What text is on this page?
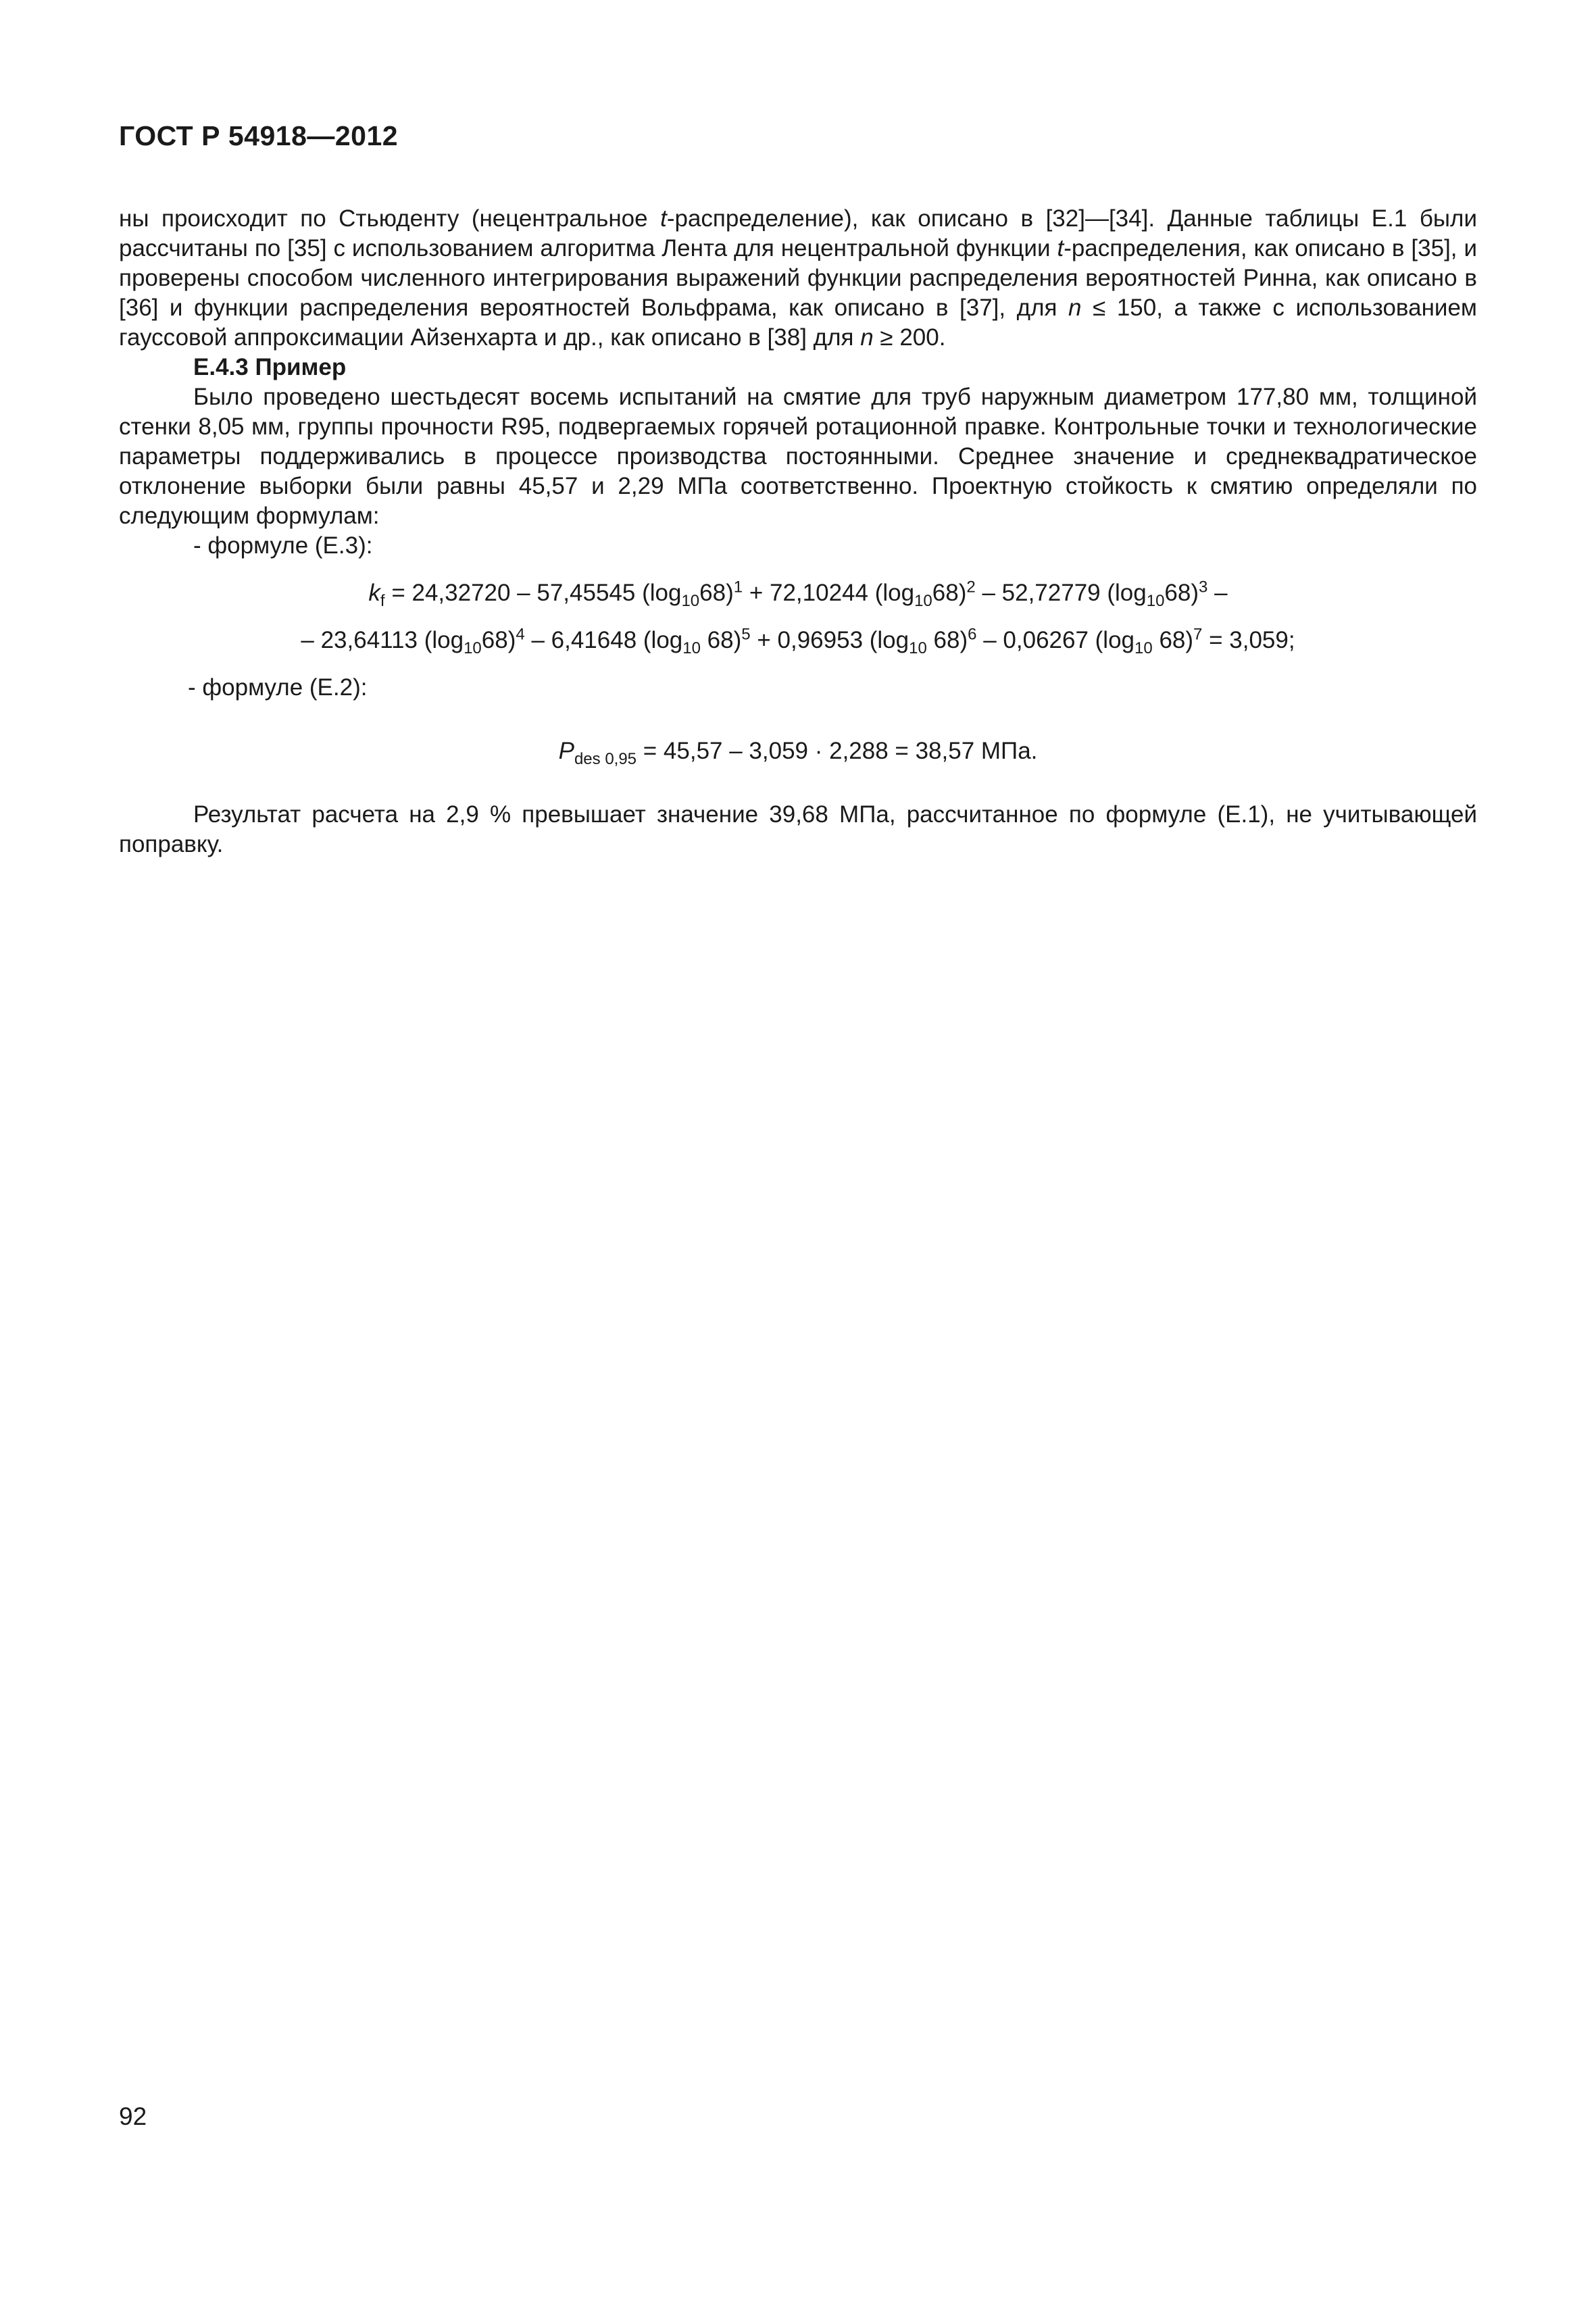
ГОСТ Р 54918—2012

ны происходит по Стьюденту (нецентральное t-распределение), как описано в [32]—[34]. Данные таблицы Е.1 были рассчитаны по [35] с использованием алгоритма Лента для нецентральной функции t-распределения, как описано в [35], и проверены способом численного интегрирования выражений функции распределения вероятностей Ринна, как описано в [36] и функции распределения вероятностей Вольфрама, как описано в [37], для n ≤ 150, а также с использованием гауссовой аппроксимации Айзенхарта и др., как описано в [38] для n ≥ 200.

Е.4.3 Пример

Было проведено шестьдесят восемь испытаний на смятие для труб наружным диаметром 177,80 мм, толщиной стенки 8,05 мм, группы прочности R95, подвергаемых горячей ротационной правке. Контрольные точки и технологические параметры поддерживались в процессе производства постоянными. Среднее значение и среднеквадратическое отклонение выборки были равны 45,57 и 2,29 МПа соответственно. Проектную стойкость к смятию определяли по следующим формулам:

- формуле (Е.3):

$k_f = 24,32720 - 57,45545$ $(\log_{10}68)^1 + 72,10244$ $(\log_{10}68)^2 - 52,72779$ $(\log_{10}68)^3$ –

– 23,64113 $(\log_{10}68)^4 - 6,41648$ ($\log_{10}$ 68)$^5$ + 0,96953 ($\log_{10}$ 68)$^6$ – 0,06267 ($\log_{10}$ 68)$^7$ = 3,059;

- формуле (Е.2):

$P_{des 0,95} = 45,57 - 3,059 \cdot 2,288 = 38,57$ МПа.

Результат расчета на 2,9 % превышает значение 39,68 МПа, рассчитанное по формуле (Е.1), не учитывающей поправку.

92
